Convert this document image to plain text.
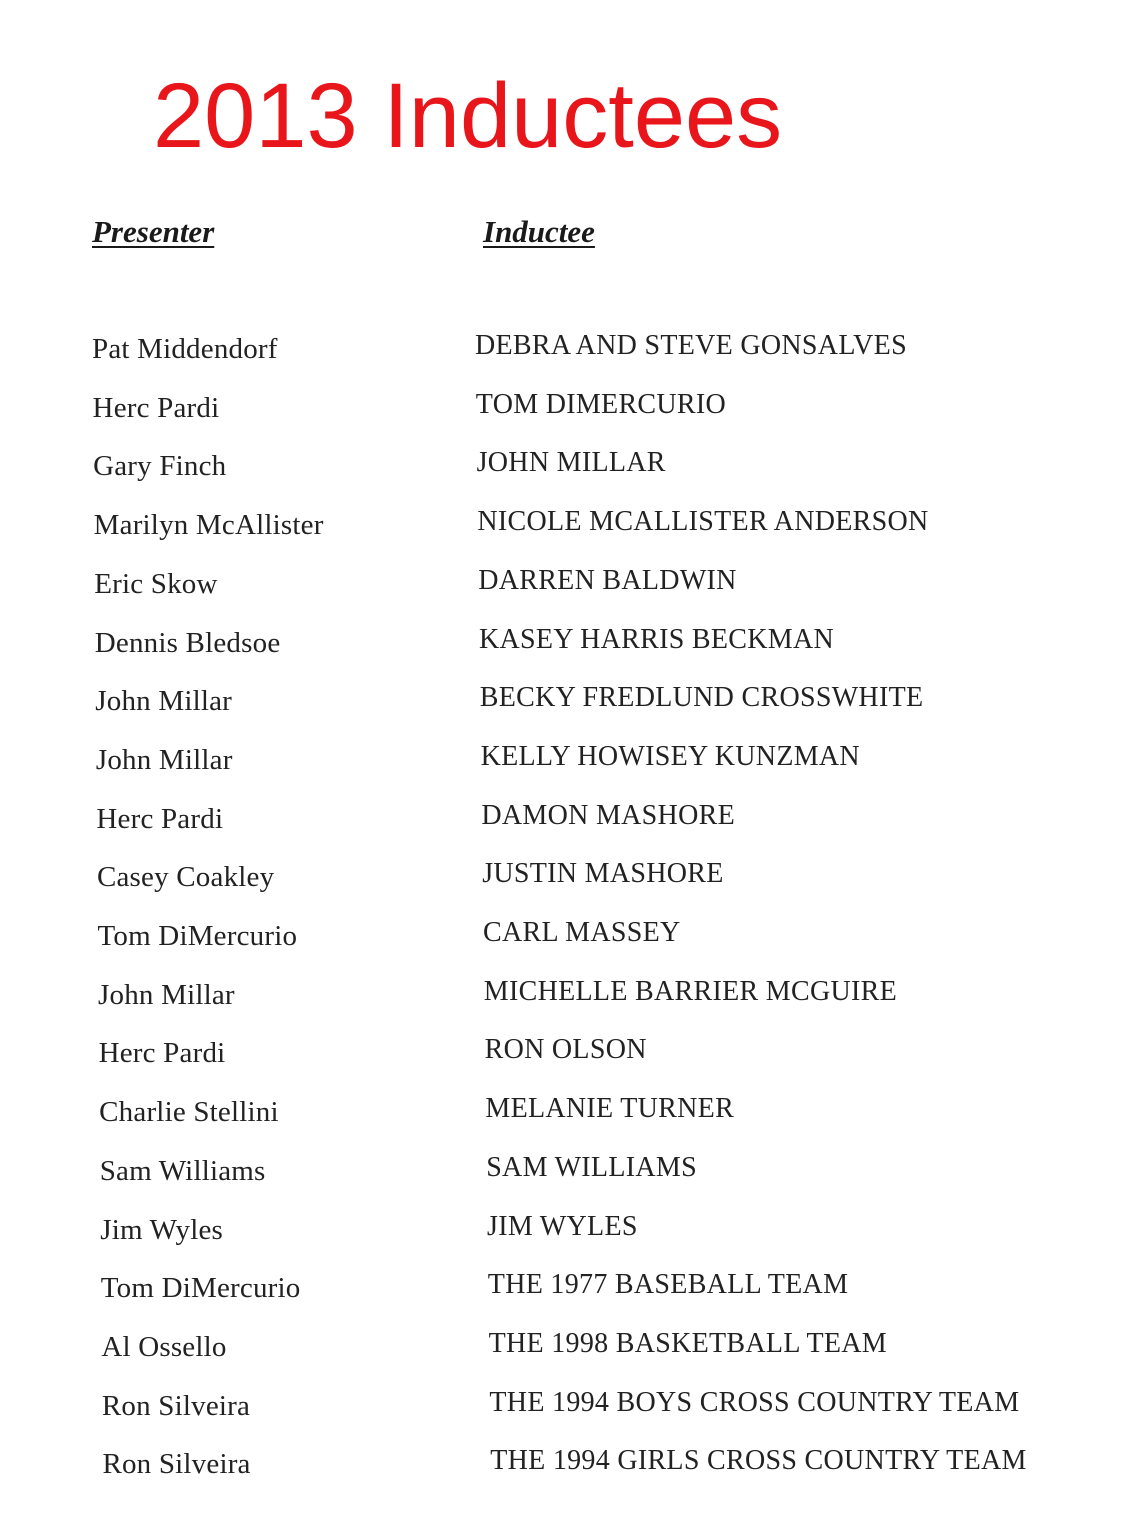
2013 Inductees
Presenter	Inductee
Pat Middendorf	DEBRA AND STEVE GONSALVES
Herc Pardi	TOM DIMERCURIO
Gary Finch	JOHN MILLAR
Marilyn McAllister	NICOLE MCALLISTER ANDERSON
Eric Skow	DARREN BALDWIN
Dennis Bledsoe	KASEY HARRIS BECKMAN
John Millar	BECKY FREDLUND CROSSWHITE
John Millar	KELLY HOWISEY KUNZMAN
Herc Pardi	DAMON MASHORE
Casey Coakley	JUSTIN MASHORE
Tom DiMercurio	CARL MASSEY
John Millar	MICHELLE BARRIER MCGUIRE
Herc Pardi	RON OLSON
Charlie Stellini	MELANIE TURNER
Sam Williams	SAM WILLIAMS
Jim Wyles	JIM WYLES
Tom DiMercurio	THE 1977 BASEBALL TEAM
Al Ossello	THE 1998 BASKETBALL TEAM
Ron Silveira	THE 1994 BOYS CROSS COUNTRY TEAM
Ron Silveira	THE 1994 GIRLS CROSS COUNTRY TEAM
